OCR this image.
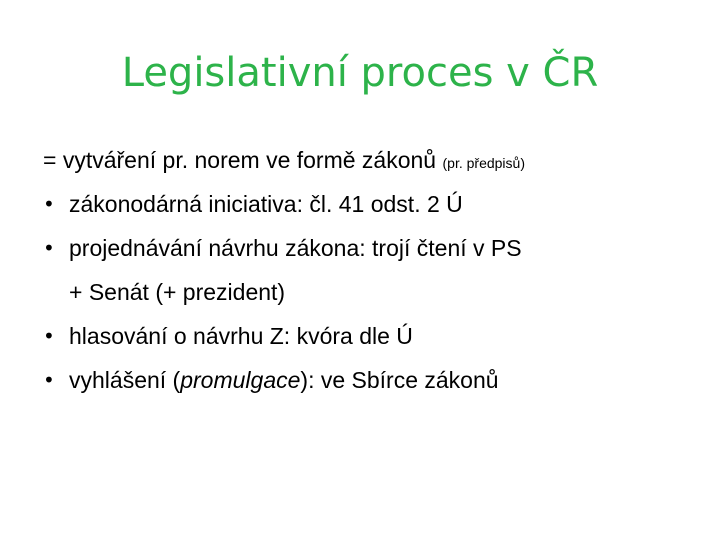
Legislativní proces v ČR
= vytváření pr. norem ve formě zákonů (pr. předpisů)
• zákonodárná iniciativa: čl. 41 odst. 2 Ú
• projednávání návrhu zákona: trojí čtení v PS
+ Senát (+ prezident)
• hlasování o návrhu Z: kvóra dle Ú
• vyhlášení (promulgace): ve Sbírce zákonů
